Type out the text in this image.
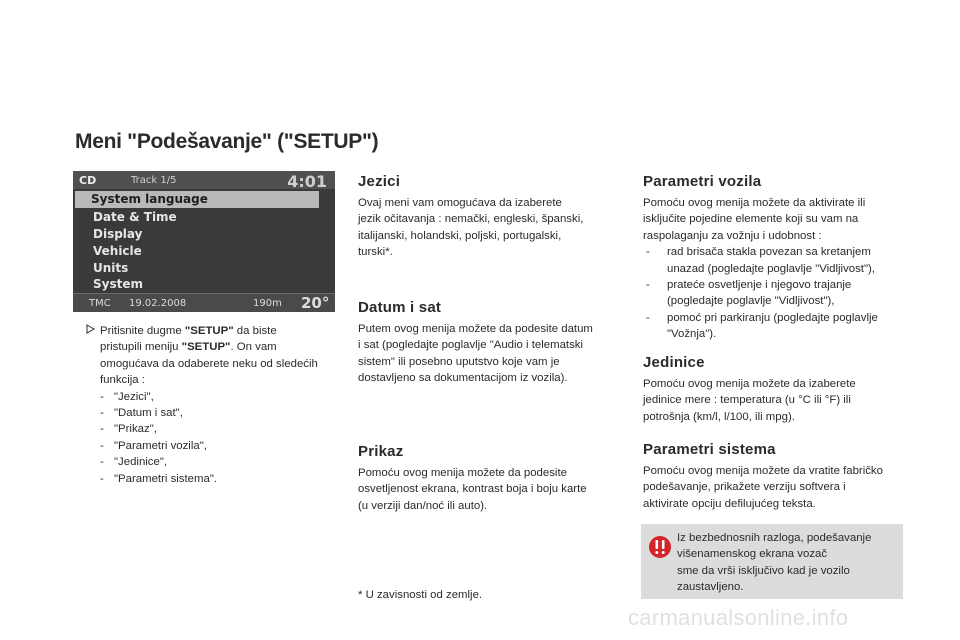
Meni "Podešavanje" ("SETUP")
CD	Track 1/5	4:01
System language
Date & Time
Display
Vehicle
Units
System
TMC 19.02.2008	190m 20°
Pritisnite dugme "SETUP" da biste
pristupili meniju "SETUP". On vam
omogućava da odaberete neku od sledećih
funkcija :
- "Jezici",
- "Datum i sat",
- "Prikaz",
- "Parametri vozila",
- "Jedinice",
- "Parametri sistema".
Jezici
Ovaj meni vam omogućava da izaberete
jezik očitavanja : nemački, engleski, španski,
italijanski, holandski, poljski, portugalski,
turski*.
Datum i sat
Putem ovog menija možete da podesite datum
i sat (pogledajte poglavlje "Audio i telematski
sistem" ili posebno uputstvo koje vam je
dostavljeno sa dokumentacijom iz vozila).
Prikaz
Pomoću ovog menija možete da podesite
osvetljenost ekrana, kontrast boja i boju karte
(u verziji dan/noć ili auto).
* U zavisnosti od zemlje.
Parametri vozila
Pomoću ovog menija možete da aktivirate ili
isključite pojedine elemente koji su vam na
raspolaganju za vožnju i udobnost :
- rad brisača stakla povezan sa kretanjem
unazad (pogledajte poglavlje "Vidljivost"),
- prateće osvetljenje i njegovo trajanje
(pogledajte poglavlje "Vidljivost"),
- pomoć pri parkiranju (pogledajte poglavlje
"Vožnja").
Jedinice
Pomoću ovog menija možete da izaberete
jedinice mere : temperatura (u °C ili °F) ili
potrošnja (km/l, l/100, ili mpg).
Parametri sistema
Pomoću ovog menija možete da vratite fabričko
podešavanje, prikažete verziju softvera i
aktivirate opciju defilujućeg teksta.
Iz bezbednosnih razloga, podešavanje
višenamenskog ekrana vozač
sme da vrši isključivo kad je vozilo
zaustavljeno.
carmanualsonline.info
